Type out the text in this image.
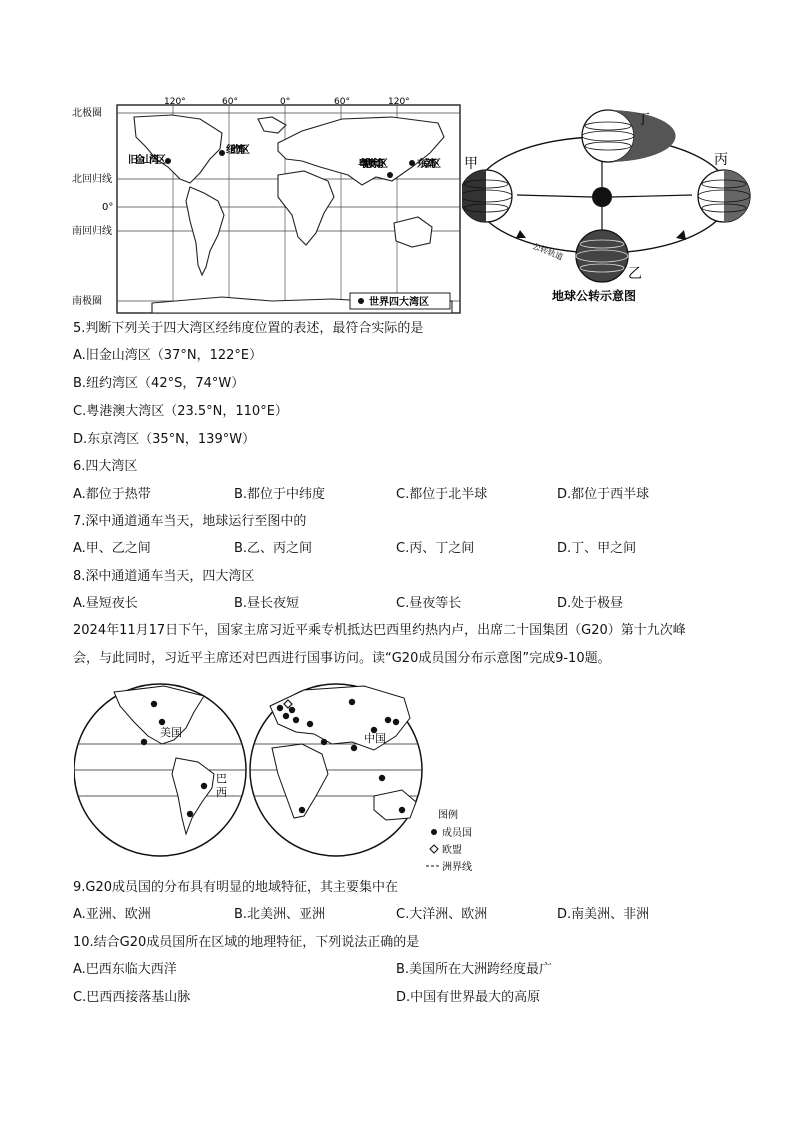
北极圈
北回归线
0°
南回归线
南极圈
120°	60°	0°	60°	120°
旧金山湾区
纽约湾区
粤港澳大湾区	东京湾区
世界四大湾区
丁
甲	丙
乙
公转轨道
地球公转示意图
5.判断下列关于四大湾区经纬度位置的表述，最符合实际的是
A.旧金山湾区（37°N，122°E）
B.纽约湾区（42°S，74°W）
C.粤港澳大湾区（23.5°N，110°E）
D.东京湾区（35°N，139°W）
6.四大湾区
A.都位于热带	B.都位于中纬度	C.都位于北半球	D.都位于西半球
7.深中通道通车当天，地球运行至图中的
A.甲、乙之间	B.乙、丙之间	C.丙、丁之间	D.丁、甲之间
8.深中通道通车当天，四大湾区
A.昼短夜长	B.昼长夜短	C.昼夜等长	D.处于极昼
2024年11月17日下午，国家主席习近平乘专机抵达巴西里约热内卢，出席二十国集团（G20）第十九次峰
会，与此同时，习近平主席还对巴西进行国事访问。读“G20成员国分布示意图”完成9-10题。
美国
巴
西
中国
图例
成员国
欧盟
洲界线
9.G20成员国的分布具有明显的地域特征，其主要集中在
A.亚洲、欧洲	B.北美洲、亚洲	C.大洋洲、欧洲	D.南美洲、非洲
10.结合G20成员国所在区域的地理特征，下列说法正确的是
A.巴西东临大西洋	B.美国所在大洲跨经度最广
C.巴西西接落基山脉	D.中国有世界最大的高原
